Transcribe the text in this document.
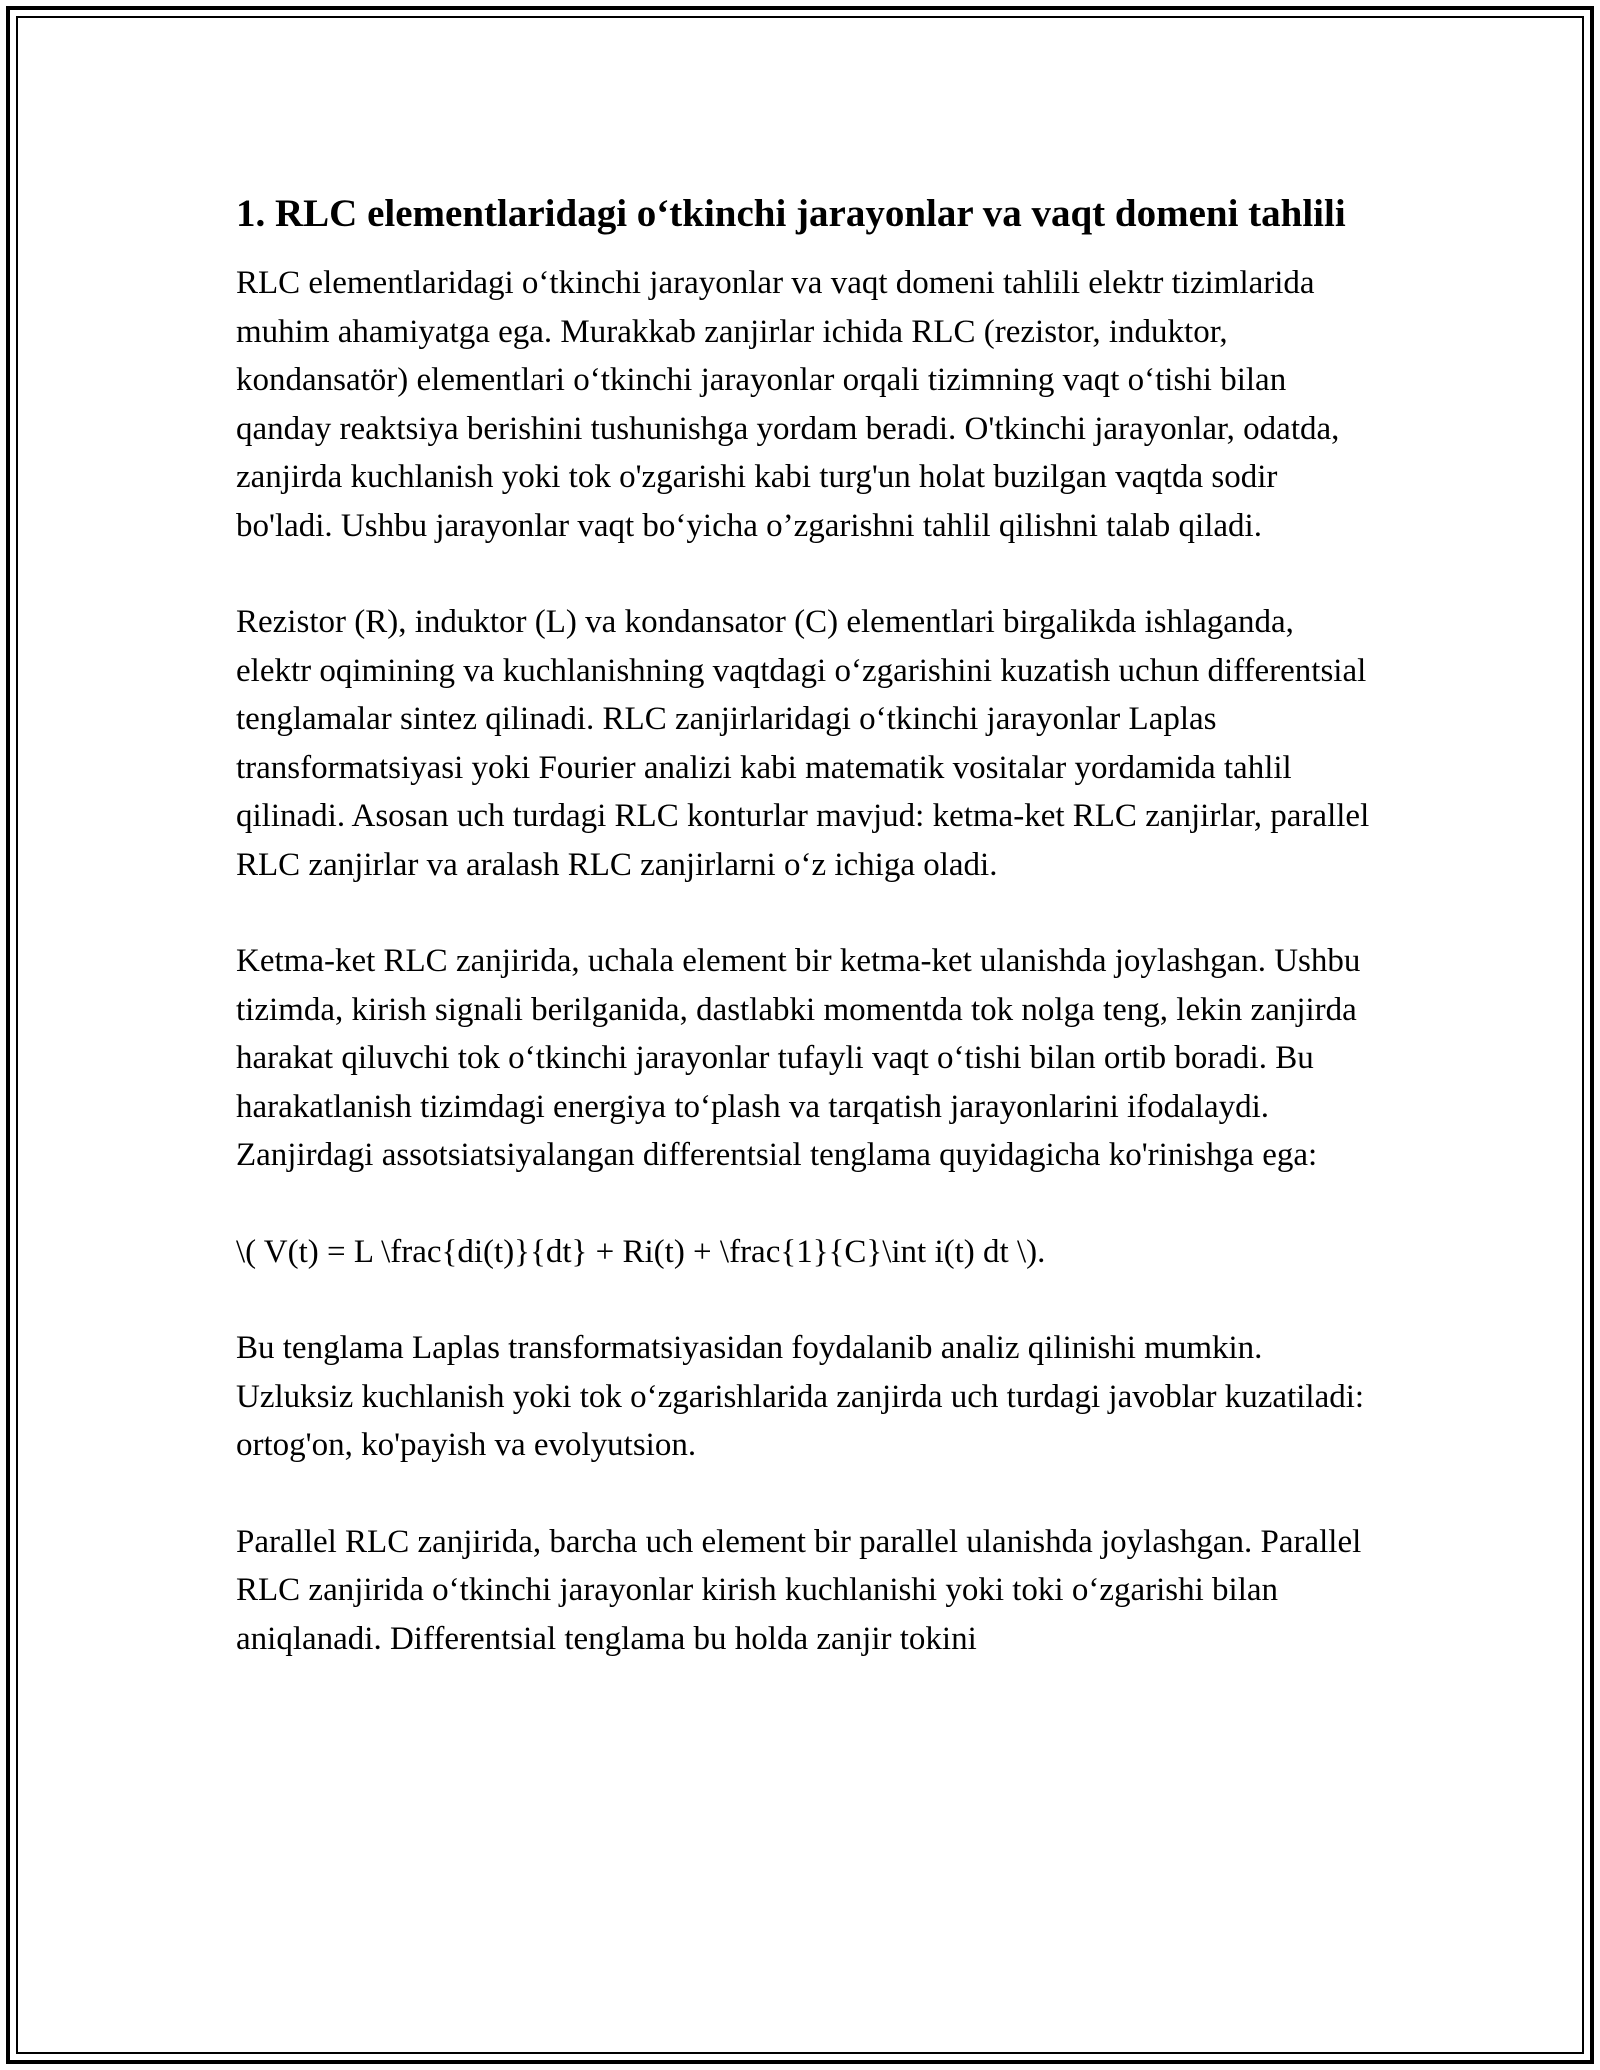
1. RLC elementlaridagi o‘tkinchi jarayonlar va vaqt domeni tahlili

RLC elementlaridagi o‘tkinchi jarayonlar va vaqt domeni tahlili elektr tizimlarida muhim ahamiyatga ega. Murakkab zanjirlar ichida RLC (rezistor, induktor, kondansatör) elementlari o‘tkinchi jarayonlar orqali tizimning vaqt o‘tishi bilan qanday reaktsiya berishini tushunishga yordam beradi. O'tkinchi jarayonlar, odatda, zanjirda kuchlanish yoki tok o'zgarishi kabi turg'un holat buzilgan vaqtda sodir bo'ladi. Ushbu jarayonlar vaqt bo‘yicha o’zgarishni tahlil qilishni talab qiladi.

Rezistor (R), induktor (L) va kondansator (C) elementlari birgalikda ishlaganda, elektr oqimining va kuchlanishning vaqtdagi o‘zgarishini kuzatish uchun differentsial tenglamalar sintez qilinadi. RLC zanjirlaridagi o‘tkinchi jarayonlar Laplas transformatsiyasi yoki Fourier analizi kabi matematik vositalar yordamida tahlil qilinadi. Asosan uch turdagi RLC konturlar mavjud: ketma-ket RLC zanjirlar, parallel RLC zanjirlar va aralash RLC zanjirlarni o‘z ichiga oladi.

Ketma-ket RLC zanjirida, uchala element bir ketma-ket ulanishda joylashgan. Ushbu tizimda, kirish signali berilganida, dastlabki momentda tok nolga teng, lekin zanjirda harakat qiluvchi tok o‘tkinchi jarayonlar tufayli vaqt o‘tishi bilan ortib boradi. Bu harakatlanish tizimdagi energiya to‘plash va tarqatish jarayonlarini ifodalaydi. Zanjirdagi assotsiatsiyalangan differentsial tenglama quyidagicha ko'rinishga ega:

\( V(t) = L \frac{di(t)}{dt} + Ri(t) + \frac{1}{C}\int i(t) dt \).

Bu tenglama Laplas transformatsiyasidan foydalanib analiz qilinishi mumkin. Uzluksiz kuchlanish yoki tok o‘zgarishlarida zanjirda uch turdagi javoblar kuzatiladi: ortog'on, ko'payish va evolyutsion.

Parallel RLC zanjirida, barcha uch element bir parallel ulanishda joylashgan. Parallel RLC zanjirida o‘tkinchi jarayonlar kirish kuchlanishi yoki toki o‘zgarishi bilan aniqlanadi. Differentsial tenglama bu holda zanjir tokini
